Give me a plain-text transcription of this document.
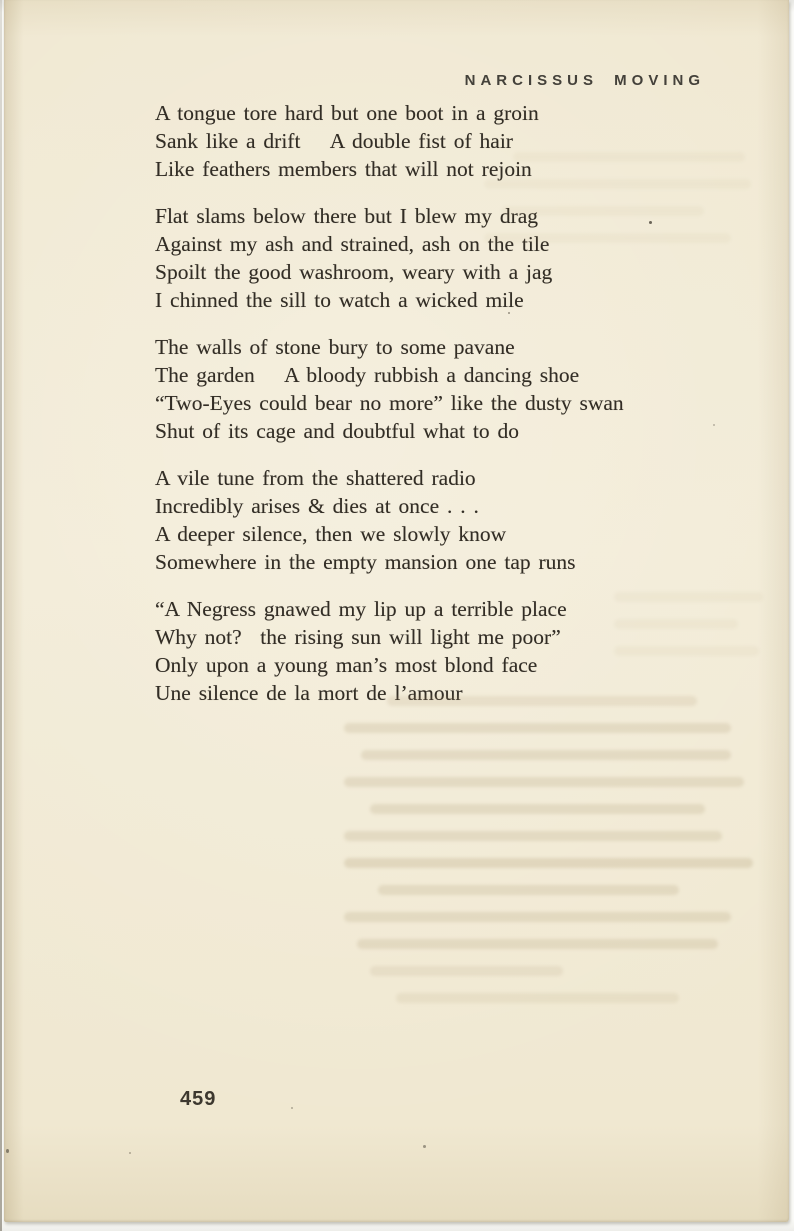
NARCISSUS MOVING
A tongue tore hard but one boot in a groin
Sank like a drift  A double fist of hair
Like feathers members that will not rejoin
Flat slams below there but I blew my drag
Against my ash and strained, ash on the tile
Spoilt the good washroom, weary with a jag
I chinned the sill to watch a wicked mile
The walls of stone bury to some pavane
The garden  A bloody rubbish a dancing shoe
“Two-Eyes could bear no more” like the dusty swan
Shut of its cage and doubtful what to do
A vile tune from the shattered radio
Incredibly arises & dies at once . . .
A deeper silence, then we slowly know
Somewhere in the empty mansion one tap runs
“A Negress gnawed my lip up a terrible place
Why not?  the rising sun will light me poor”
Only upon a young man’s most blond face
Une silence de la mort de l’amour
459
